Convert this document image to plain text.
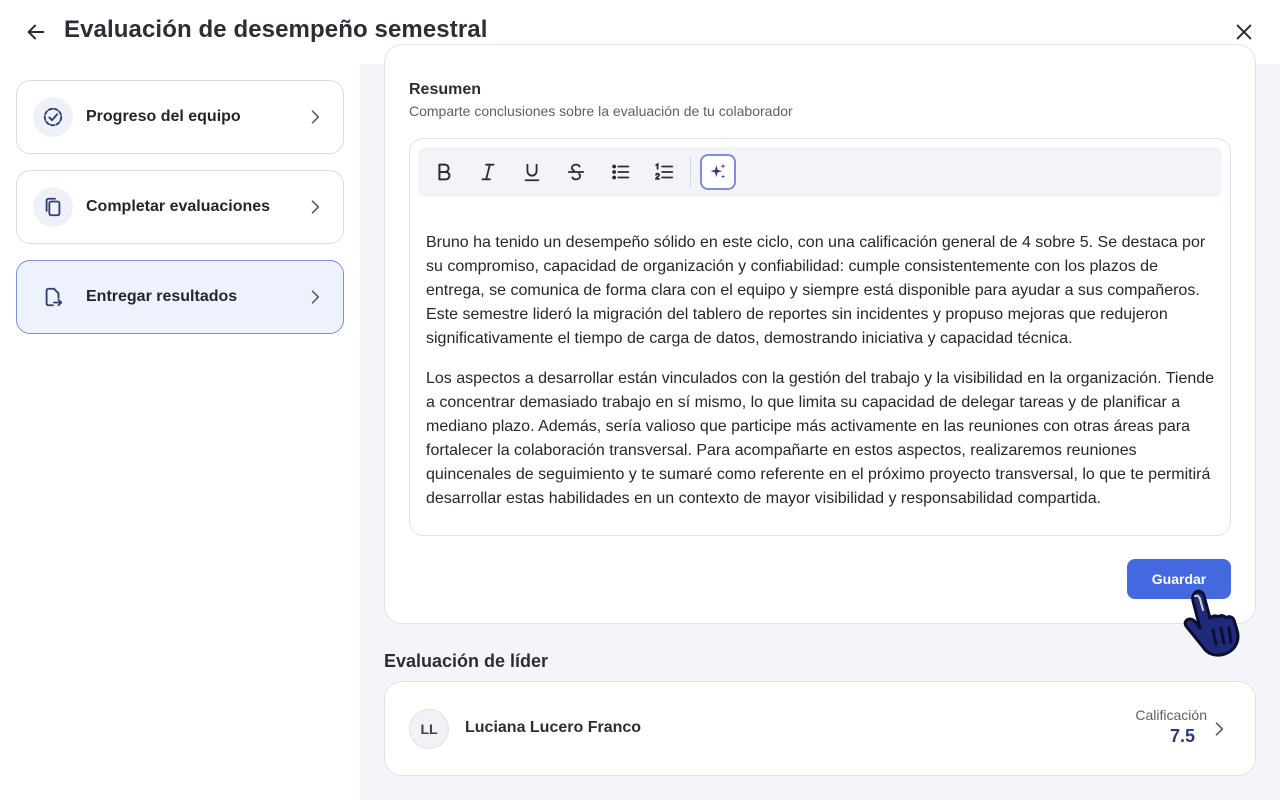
Evaluación de desempeño semestral
Progreso del equipo
Completar evaluaciones
Entregar resultados
Resumen
Comparte conclusiones sobre la evaluación de tu colaborador

Bruno ha tenido un desempeño sólido en este ciclo, con una calificación general de 4 sobre 5. Se destaca por su compromiso, capacidad de organización y confiabilidad: cumple consistentemente con los plazos de entrega, se comunica de forma clara con el equipo y siempre está disponible para ayudar a sus compañeros. Este semestre lideró la migración del tablero de reportes sin incidentes y propuso mejoras que redujeron significativamente el tiempo de carga de datos, demostrando iniciativa y capacidad técnica.

Los aspectos a desarrollar están vinculados con la gestión del trabajo y la visibilidad en la organización. Tiende a concentrar demasiado trabajo en sí mismo, lo que limita su capacidad de delegar tareas y de planificar a mediano plazo. Además, sería valioso que participe más activamente en las reuniones con otras áreas para fortalecer la colaboración transversal. Para acompañarte en estos aspectos, realizaremos reuniones quincenales de seguimiento y te sumaré como referente en el próximo proyecto transversal, lo que te permitirá desarrollar estas habilidades en un contexto de mayor visibilidad y responsabilidad compartida.

Guardar
Evaluación de líder
LL	Luciana Lucero Franco
Calificación
7.5
